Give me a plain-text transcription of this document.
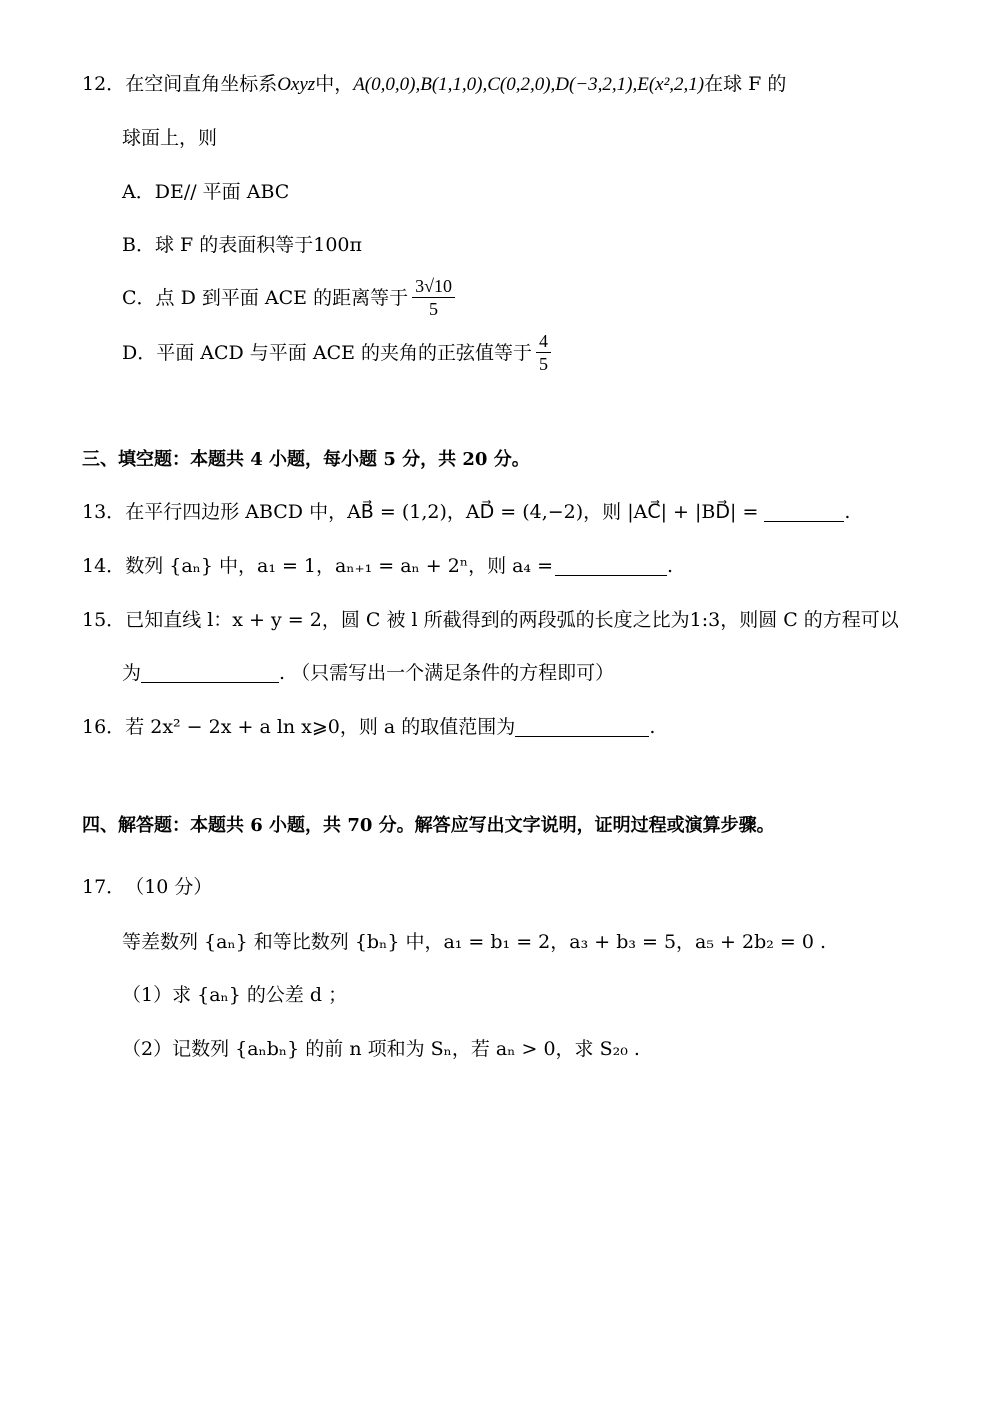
12． 在空间直角坐标系 Oxyz 中， A(0,0,0),B(1,1,0),C(0,2,0),D(−3,2,1),E(x²,2,1) 在球 F 的
球面上，则
A． DE// 平面 ABC
B． 球 F 的表面积等于100π
C． 点 D 到平面 ACE 的距离等于 $\frac{3√10}{5}$
D． 平面 ACD 与平面 ACE 的夹角的正弦值等于 $\frac{4}{5}$
三、填空题：本题共 4 小题，每小题 5 分，共 20 分。
13． 在平行四边形 ABCD 中，AB⃗ = (1,2)，AD⃗ = (4,−2)，则 |AC⃗| + |BD⃗| =	.
14． 数列 {aₙ} 中，a₁ = 1，aₙ₊₁ = aₙ + 2ⁿ，则 a₄ =	.
15． 已知直线 l：x + y = 2，圆 C 被 l 所截得到的两段弧的长度之比为1:3，则圆 C 的方程可以
为	. （只需写出一个满足条件的方程即可）
16． 若 2x² − 2x + a ln x⩾0，则 a 的取值范围为	.
四、解答题：本题共 6 小题，共 70 分。解答应写出文字说明，证明过程或演算步骤。
17． （10 分）
等差数列 {aₙ} 和等比数列 {bₙ} 中，a₁ = b₁ = 2，a₃ + b₃ = 5，a₅ + 2b₂ = 0 .
（1）求 {aₙ} 的公差 d ；
（2）记数列 {aₙbₙ} 的前 n 项和为 Sₙ，若 aₙ > 0，求 S₂₀ .
